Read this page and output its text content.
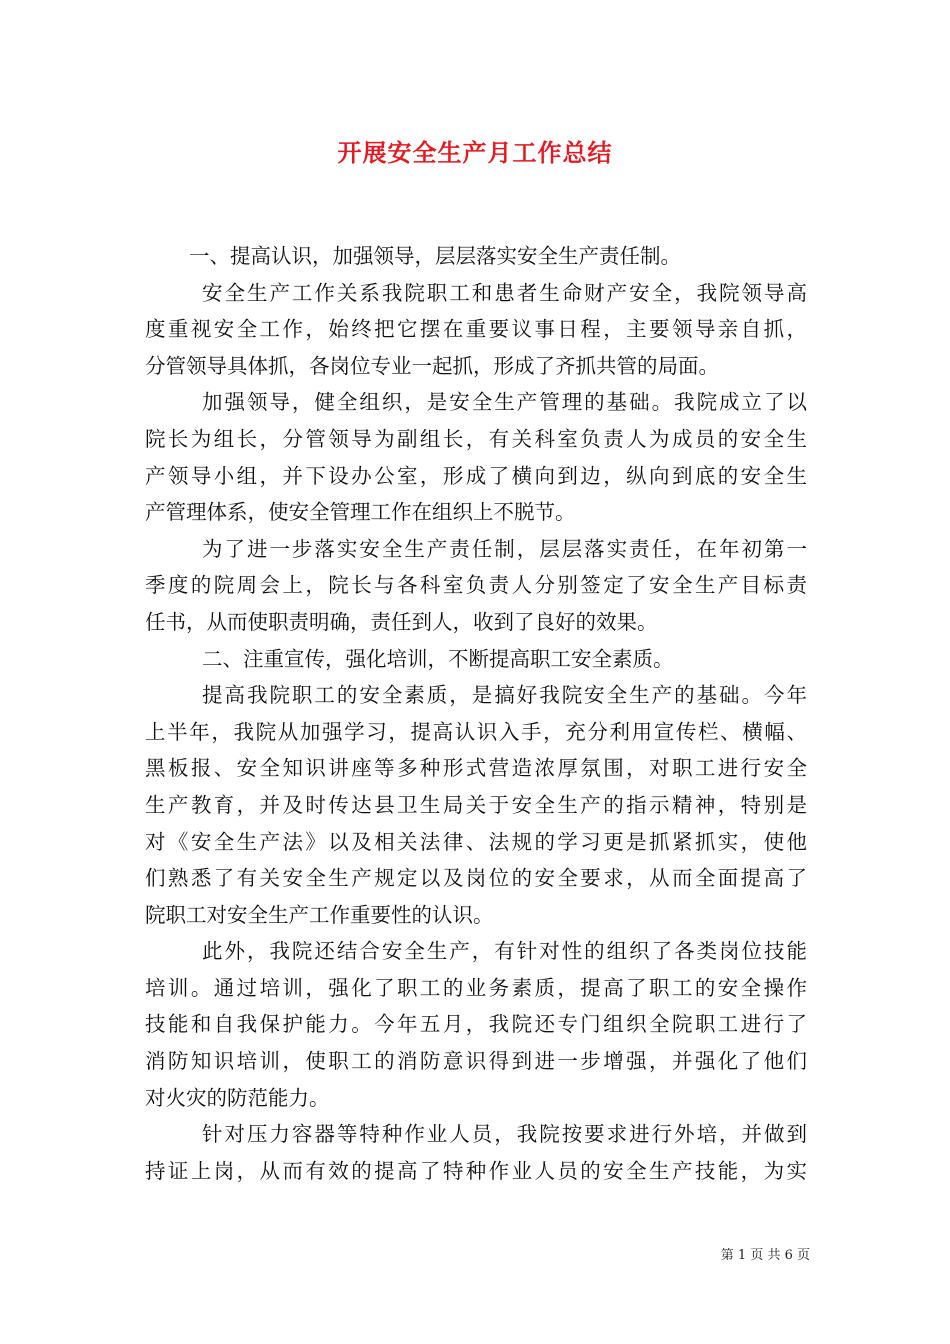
开展安全生产月工作总结
一、提高认识，加强领导，层层落实安全生产责任制。
安全生产工作关系我院职工和患者生命财产安全，我院领导高
度重视安全工作，始终把它摆在重要议事日程，主要领导亲自抓，
分管领导具体抓，各岗位专业一起抓，形成了齐抓共管的局面。
加强领导，健全组织，是安全生产管理的基础。我院成立了以
院长为组长，分管领导为副组长，有关科室负责人为成员的安全生
产领导小组，并下设办公室，形成了横向到边，纵向到底的安全生
产管理体系，使安全管理工作在组织上不脱节。
为了进一步落实安全生产责任制，层层落实责任，在年初第一
季度的院周会上，院长与各科室负责人分别签定了安全生产目标责
任书，从而使职责明确，责任到人，收到了良好的效果。
二、注重宣传，强化培训，不断提高职工安全素质。
提高我院职工的安全素质，是搞好我院安全生产的基础。今年
上半年，我院从加强学习，提高认识入手，充分利用宣传栏、横幅、
黑板报、安全知识讲座等多种形式营造浓厚氛围，对职工进行安全
生产教育，并及时传达县卫生局关于安全生产的指示精神，特别是
对《安全生产法》以及相关法律、法规的学习更是抓紧抓实，使他
们熟悉了有关安全生产规定以及岗位的安全要求，从而全面提高了
院职工对安全生产工作重要性的认识。
此外，我院还结合安全生产，有针对性的组织了各类岗位技能
培训。通过培训，强化了职工的业务素质，提高了职工的安全操作
技能和自我保护能力。今年五月，我院还专门组织全院职工进行了
消防知识培训，使职工的消防意识得到进一步增强，并强化了他们
对火灾的防范能力。
针对压力容器等特种作业人员，我院按要求进行外培，并做到
持证上岗，从而有效的提高了特种作业人员的安全生产技能，为实
第 1 页 共 6 页
